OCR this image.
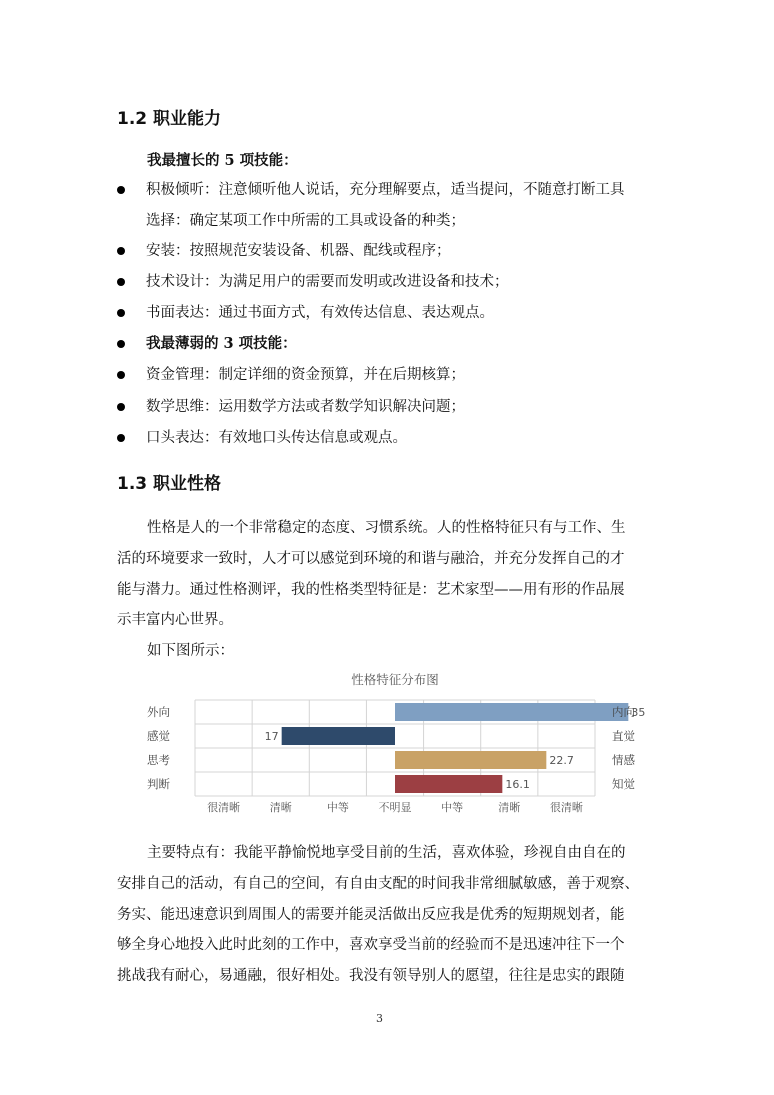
1.2 职业能力
我最擅长的 5 项技能：
积极倾听：注意倾听他人说话，充分理解要点，适当提问，不随意打断工具
选择：确定某项工作中所需的工具或设备的种类；
安装：按照规范安装设备、机器、配线或程序；
技术设计：为满足用户的需要而发明或改进设备和技术；
书面表达：通过书面方式，有效传达信息、表达观点。
我最薄弱的 3 项技能：
资金管理：制定详细的资金预算，并在后期核算；
数学思维：运用数学方法或者数学知识解决问题；
口头表达：有效地口头传达信息或观点。
1.3 职业性格
性格是人的一个非常稳定的态度、习惯系统。人的性格特征只有与工作、生
活的环境要求一致时，人才可以感觉到环境的和谐与融洽，并充分发挥自己的才
能与潜力。通过性格测评，我的性格类型特征是：艺术家型——用有形的作品展
示丰富内心世界。
如下图所示：
性格特征分布图
35
外向	内向
17
感觉	直觉
22.7
思考	情感
16.1
判断	知觉
很清晰	清晰	中等	不明显	中等	清晰	很清晰
主要特点有：我能平静愉悦地享受目前的生活，喜欢体验，珍视自由自在的
安排自己的活动，有自己的空间，有自由支配的时间我非常细腻敏感，善于观察、
务实、能迅速意识到周围人的需要并能灵活做出反应我是优秀的短期规划者，能
够全身心地投入此时此刻的工作中，喜欢享受当前的经验而不是迅速冲往下一个
挑战我有耐心，易通融，很好相处。我没有领导别人的愿望，往往是忠实的跟随
3
